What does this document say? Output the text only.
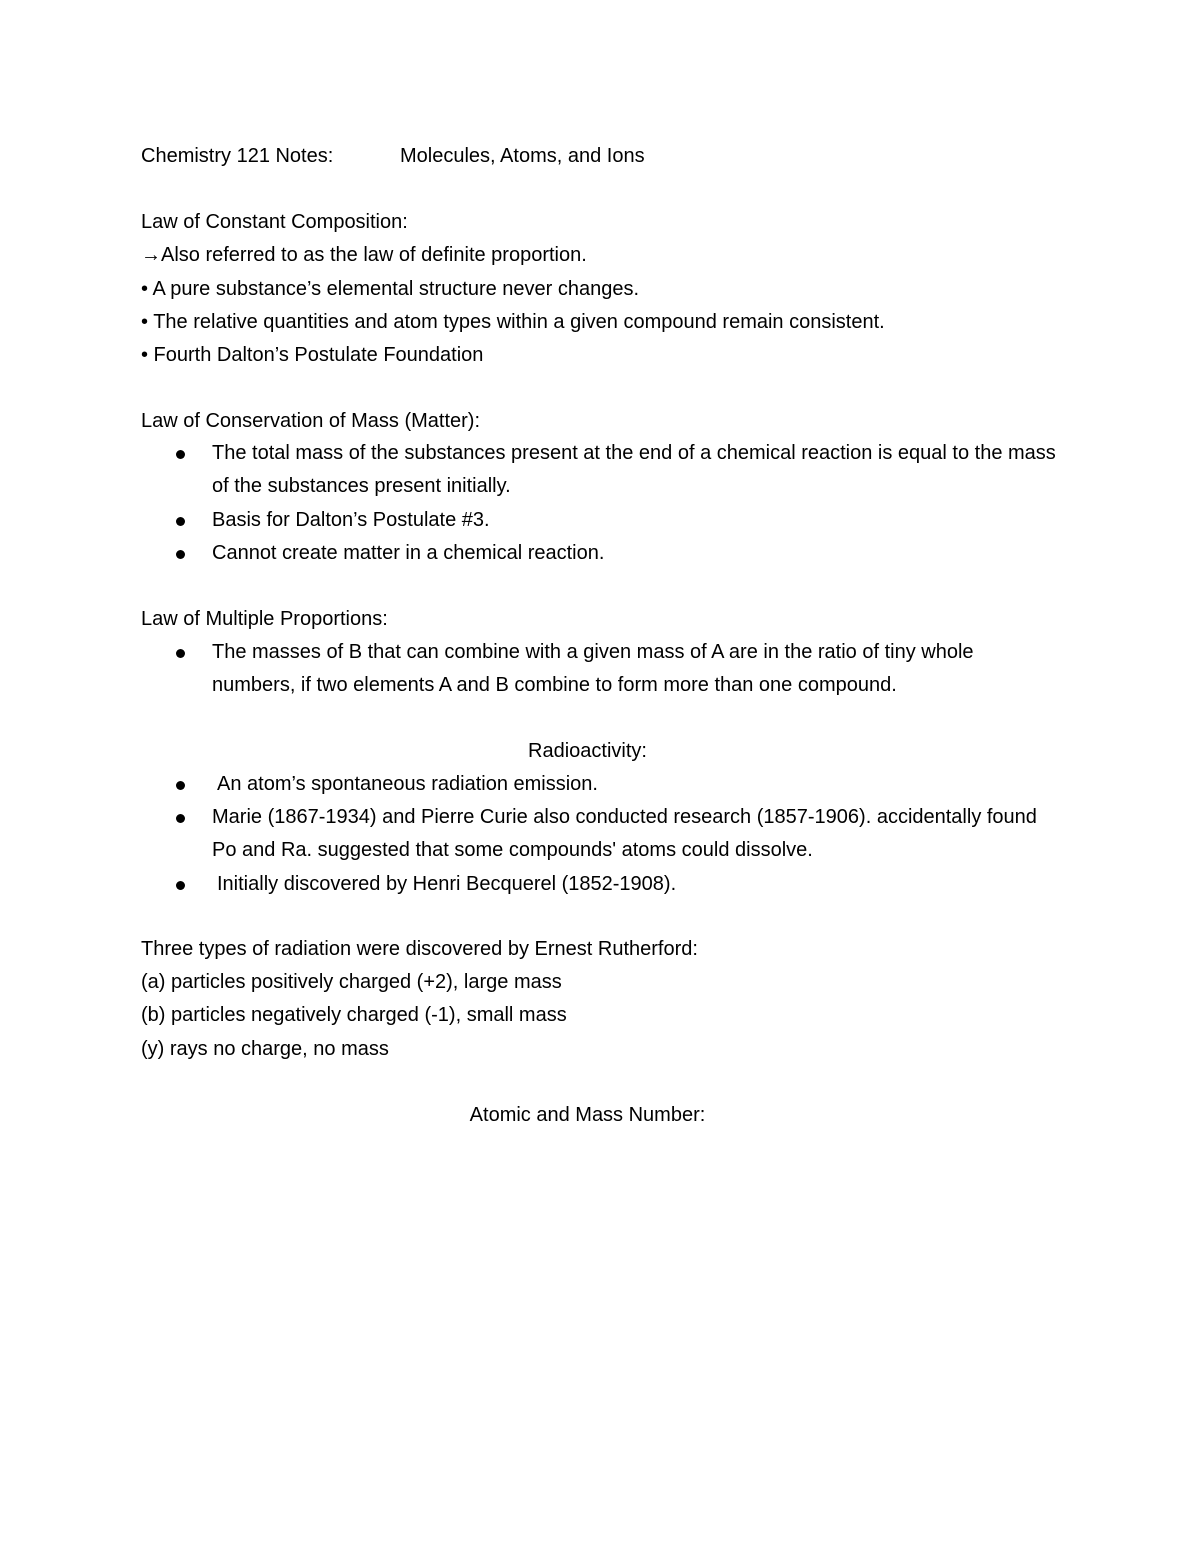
Chemistry 121 Notes:	Molecules, Atoms, and Ions
Law of Constant Composition:
→Also referred to as the law of definite proportion.
• A pure substance’s elemental structure never changes.
• The relative quantities and atom types within a given compound remain consistent.
• Fourth Dalton’s Postulate Foundation
Law of Conservation of Mass (Matter):
The total mass of the substances present at the end of a chemical reaction is equal to the mass of the substances present initially.
Basis for Dalton’s Postulate #3.
Cannot create matter in a chemical reaction.
Law of Multiple Proportions:
The masses of B that can combine with a given mass of A are in the ratio of tiny whole numbers, if two elements A and B combine to form more than one compound.
Radioactivity:
An atom’s spontaneous radiation emission.
Marie (1867-1934) and Pierre Curie also conducted research (1857-1906). accidentally found Po and Ra. suggested that some compounds' atoms could dissolve.
Initially discovered by Henri Becquerel (1852-1908).
Three types of radiation were discovered by Ernest Rutherford:
(a) particles positively charged (+2), large mass
(b) particles negatively charged (-1), small mass
(y) rays no charge, no mass
Atomic and Mass Number:
